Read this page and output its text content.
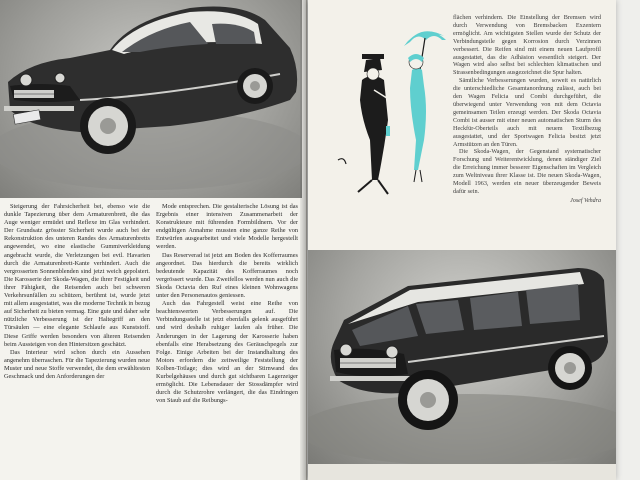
Steigerung der Fahrsicherheit bei, ebenso wie die dunkle Tapezierung über dem Armaturenbrett, die das Auge weniger ermüdet und Reflexe im Glas verhindert. Der Grundsatz grösster Sicherheit wurde auch bei der Rekonstruktion des unteren Randes des Armaturenbretts angewendet, wo eine elastische Gummiverkleidung angebracht wurde, die Verletzungen bei evtl. Havarien durch die Armaturenbrett-Kante verhindert. Auch die vergrosserten Sonnenblenden sind jetzt weich gepolstert. Die Karosserie der Skoda-Wagen, die ihrer Festigkeit und ihrer Fähigkeit, die Reisenden auch bei schweren Verkehrsunfällen zu schützen, berühmt ist, wurde jetzt mit allem ausgestattet, was die moderne Technik in bezug auf Sicherheit zu bieten vermag. Eine gute und daher sehr nützliche Verbesserung ist der Haltegriff an den Türsäulen — eine elegante Schlaufe aus Kunststoff. Diese Griffe werden besonders von älteren Reisenden beim Aussteigen von den Hintersitzen geschätzt.

Das Interieur wird schon durch ein Aussehen angenehm überraschen. Für die Tapezierung wurden neue Muster und neue Stoffe verwendet, die dem erwähltesten Geschmack und den Anforderungen der

Mode entsprechen. Die gestalterische Lösung ist das Ergebnis einer intensiven Zusammenarbeit der Konstrukteure mit führenden Formbildnern. Vor der endgültigen Annahme mussten eine ganze Reihe von Entwürfen ausgearbeitet und viele Modelle hergestellt werden.

Das Reserverad ist jetzt am Boden des Kofferraumes angeordnet. Das hierdurch die bereits wirklich bedeutende Kapazität des Kofferraumes noch vergrössert wurde. Das Zweifellos werden nun auch die Skoda Octavia den Ruf eines kleinen Wohnwagens unter den Personenautos geniessen.

Auch das Fahrgestell weist eine Reihe von beachtenswerten Verbesserungen auf. Die Verbindungsstelle ist jetzt ebenfalls gelenk ausgeführt und wird deshalb ruhiger laufen als früher. Die Änderungen in der Lagerung der Karosserie haben ebenfalls eine Herabsetzung des Geräuschpegels zur Folge. Einige Arbeiten bei der Instandhaltung des Motors erfordern die zeitweilige Feststellung der Kolben-Totlage; dies wird an der Stirnwand des Kurbelgehäuses und durch gut sichtbaren Lagerzeiger ermöglicht. Die Lebensdauer der Stossdämpfer wird durch die Schutzrohre verlängert, die das Eindringen von Staub auf die Reibungs-

flächen verhindern. Die Einstellung der Bremsen wird durch Verwendung von Bremsbacken Exzentern ermöglicht. Am wichtigsten Stellen wurde der Schutz der Verbindungsteile gegen Korrosion durch Verzinnen verbessert. Die Reifen sind mit einem neuen Laufprofil ausgestattet, das die Adhäsion wesentlich steigert. Der Wagen wird also selbst bei schlechten klimatischen und Strassenbedingungen ausgezeichnet die Spur halten.

Sämtliche Verbesserungen wurden, soweit es natürlich die unterschiedliche Gesamtanordnung zulässt, auch bei den Wagen Felicia und Combi durchgeführt, die überwiegend unter Verwendung von mit dem Octavia gemeinsamen Teilen erzeugt werden. Der Skoda Octavia Combi ist ausser mit einer neuen automatischen Sturm des Heckfür-Oberteils auch mit neuem Textilbezug ausgestattet, und der Sportwagen Felicia besitzt jetzt Armstützen an den Türen.

Die Skoda-Wagen, der Gegenstand systematischer Forschung und Weiterentwicklung, denen ständiger Ziel die Erreichung immer besserer Eigenschaften im Vergleich zum Weltniveau ihrer Klasse ist. Die neuen Skoda-Wagen, Modell 1963, werden ein neuer überzeugender Beweis dafür sein.

Josef Vehdra
